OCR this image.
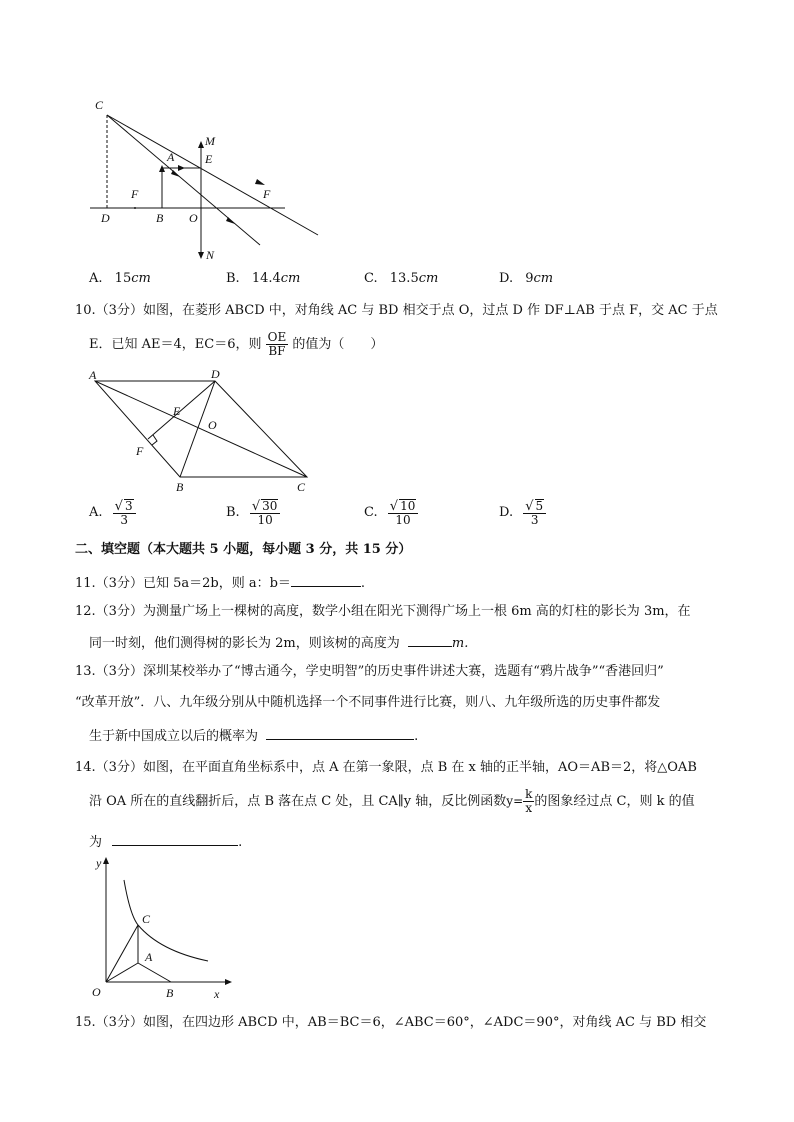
C
M
E
A
F	F
D	B O
N
A. 15cm	B. 14.4cm	C. 13.5cm	D. 9cm
10.（3分）如图，在菱形 ABCD 中，对角线 AC 与 BD 相交于点 O，过点 D 作 DF⊥AB 于点 F，交 AC 于点
E．已知 AE＝4，EC＝6，则 $\frac{OE}{BF}$ 的值为（　　）
A	D
E
O
F
B	C
A. $\frac{√ 3}{3}$	B. $\frac{√ 30}{10}$	C. $\frac{√ 10}{10}$	D. $\frac{√ 5}{3}$
二、填空题（本大题共 5 小题，每小题 3 分，共 15 分）
11.（3分）已知 5a＝2b，则 a：b＝	.
12.（3分）为测量广场上一棵树的高度，数学小组在阳光下测得广场上一根 6m 高的灯柱的影长为 3m，在
同一时刻，他们测得树的影长为 2m，则该树的高度为	m.
13.（3分）深圳某校举办了“博古通今，学史明智”的历史事件讲述大赛，选题有“鸦片战争”“香港回归”
“改革开放”．八、九年级分别从中随机选择一个不同事件进行比赛，则八、九年级所选的历史事件都发
生于新中国成立以后的概率为	.
14.（3分）如图，在平面直角坐标系中，点 A 在第一象限，点 B 在 x 轴的正半轴，AO＝AB＝2，将△OAB
沿 OA 所在的直线翻折后，点 B 落在点 C 处，且 CA∥y 轴，反比例函数$y= \frac{k}{x}$ 的图象经过点 C，则 k 的值
为	.
y
C
A
O	B	x
15.（3分）如图，在四边形 ABCD 中，AB＝BC＝6，∠ABC＝60°，∠ADC＝90°，对角线 AC 与 BD 相交
